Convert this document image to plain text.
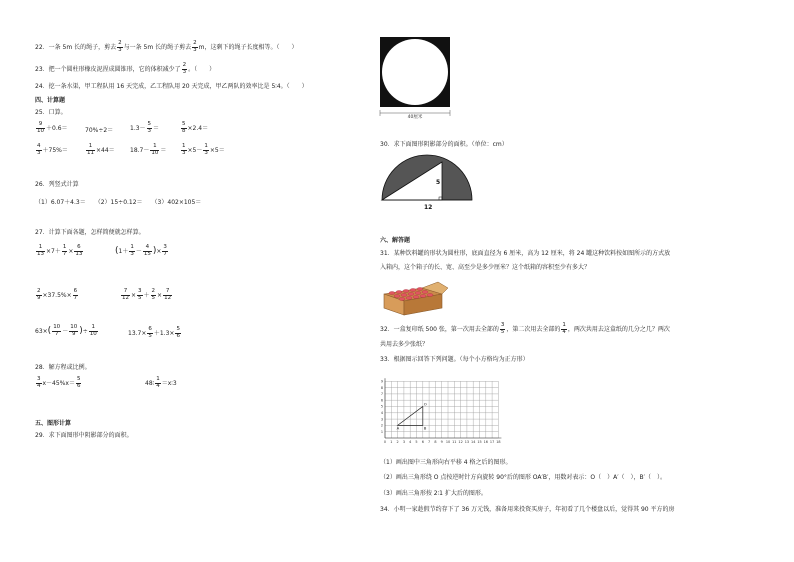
22．一条 5m 长的绳子，剪去 $\frac{2}{3}$ 与一条 5m 长的绳子剪去 $\frac{2}{3}$ m，这剩下的绳子长度相等。（　　）
23．把一个圆柱形橡皮泥捏成圆锥形，它的体积减少了 $\frac{2}{3}$ 。（　　）
24．挖一条水渠，甲工程队用 16 天完成，乙工程队用 20 天完成，甲乙两队的效率比是 5∶4。（　　）
四、计算题
25．口算。
$\frac{9}{10} +0.6=$	70%÷2＝	$1.3- \frac{5}{3}$ ＝	$\frac{5}{8} \times 2.4=$
$\frac{4}{3} +75\%=$	$\frac{1}{11} \times 44=$	$18.7- \frac{1}{10}$ ＝	$\frac{1}{3} \times 5- \frac{1}{3} \times 5=$
26．列竖式计算
（1）6.07＋4.3＝　　（2）15÷0.12＝　　（3）402×105＝
27．计算下面各题，怎样简便就怎样算。
$\frac{1}{13} \times 7+ \frac{1}{7} \times \frac{6}{13}$	($1+ \frac{1}{3} - \frac{4}{15}$ )× $\frac{3}{7}$
$\frac{2}{9} \times 37.5\%\times \frac{6}{7}$	$\frac{7}{12} \times \frac{3}{5} + \frac{2}{5} \times \frac{7}{12}$
$63\times( \frac{10}{7} - \frac{10}{9}$ )÷ $\frac{1}{10}$	$13.7\times \frac{6}{5} +1.3\times \frac{5}{6}$
28．解方程或比例。
$\frac{3}{4} x-45\%x= \frac{5}{6}$	48∶ $\frac{1}{4}$ ＝x∶3
五、图形计算
29．求下面图形中阴影部分的面积。
40厘米
30．求下面图形阴影部分的面积。（单位：cm）
5
12
六、解答题
31．某种饮料罐的形状为圆柱形，底面直径为 6 厘米，高为 12 厘米，将 24 罐这种饮料按如图所示的方式放
入箱内，这个箱子的长、宽、高至少是多少厘米？这个纸箱的容积至少有多大？
32．一盒复印纸 500 张，第一次用去全部的 $\frac{3}{5}$ ，第二次用去全部的 $\frac{1}{4}$ ，两次共用去这盒纸的几分之几？两次
共用去多少张纸？
33．根据图示回答下列问题。（每个小方格均为正方形）
0 1 2 3 4 5 6 7 8 9 10 11 12 13 14 15 16 17 18
1
2
3
4
5
6
7
8
9
A	B
O
（1）画出图中三角形向右平移 4 格之后的图形。
（2）画出三角形绕 O 点按逆时针方向旋转 90°后的图形 OA′B′，用数对表示：O（　）A′（　），B′（　）。
（3）画出三角形按 2∶1 扩大后的图形。
34．小明一家趁假节约存下了 36 万元钱，准备用来投资买房子，年初看了几个楼盘以后，觉得其 90 平方的房
